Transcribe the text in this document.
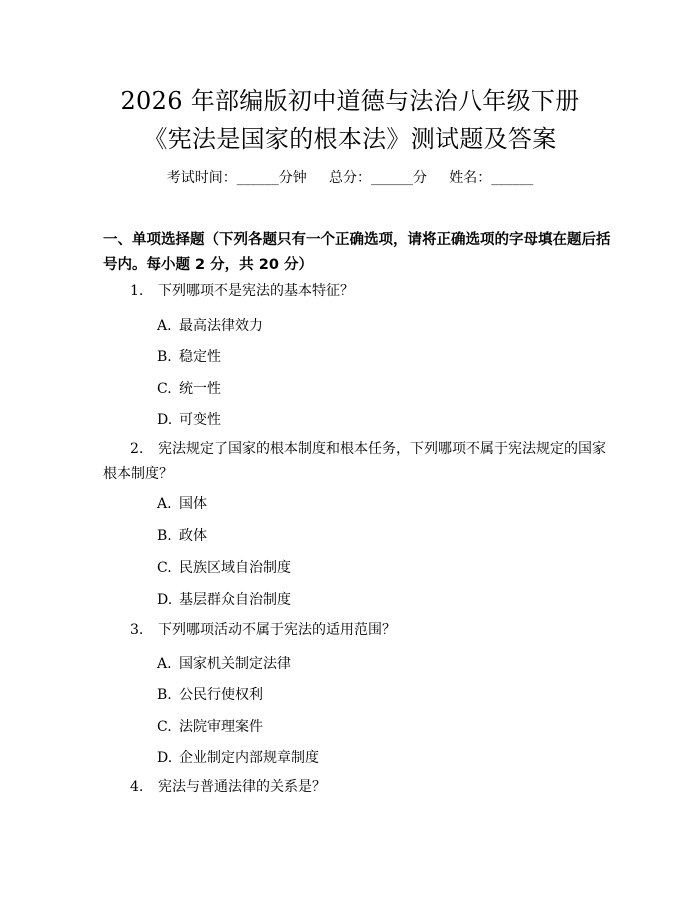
2026 年部编版初中道德与法治八年级下册
《宪法是国家的根本法》测试题及答案
考试时间：______分钟     总分：______分     姓名：______
一、单项选择题（下列各题只有一个正确选项，请将正确选项的字母填在题后括号内。每小题 2 分，共 20 分）
1. 下列哪项不是宪法的基本特征？
A. 最高法律效力
B. 稳定性
C. 统一性
D. 可变性
2. 宪法规定了国家的根本制度和根本任务，下列哪项不属于宪法规定的国家
根本制度？
A. 国体
B. 政体
C. 民族区域自治制度
D. 基层群众自治制度
3. 下列哪项活动不属于宪法的适用范围？
A. 国家机关制定法律
B. 公民行使权利
C. 法院审理案件
D. 企业制定内部规章制度
4. 宪法与普通法律的关系是？
